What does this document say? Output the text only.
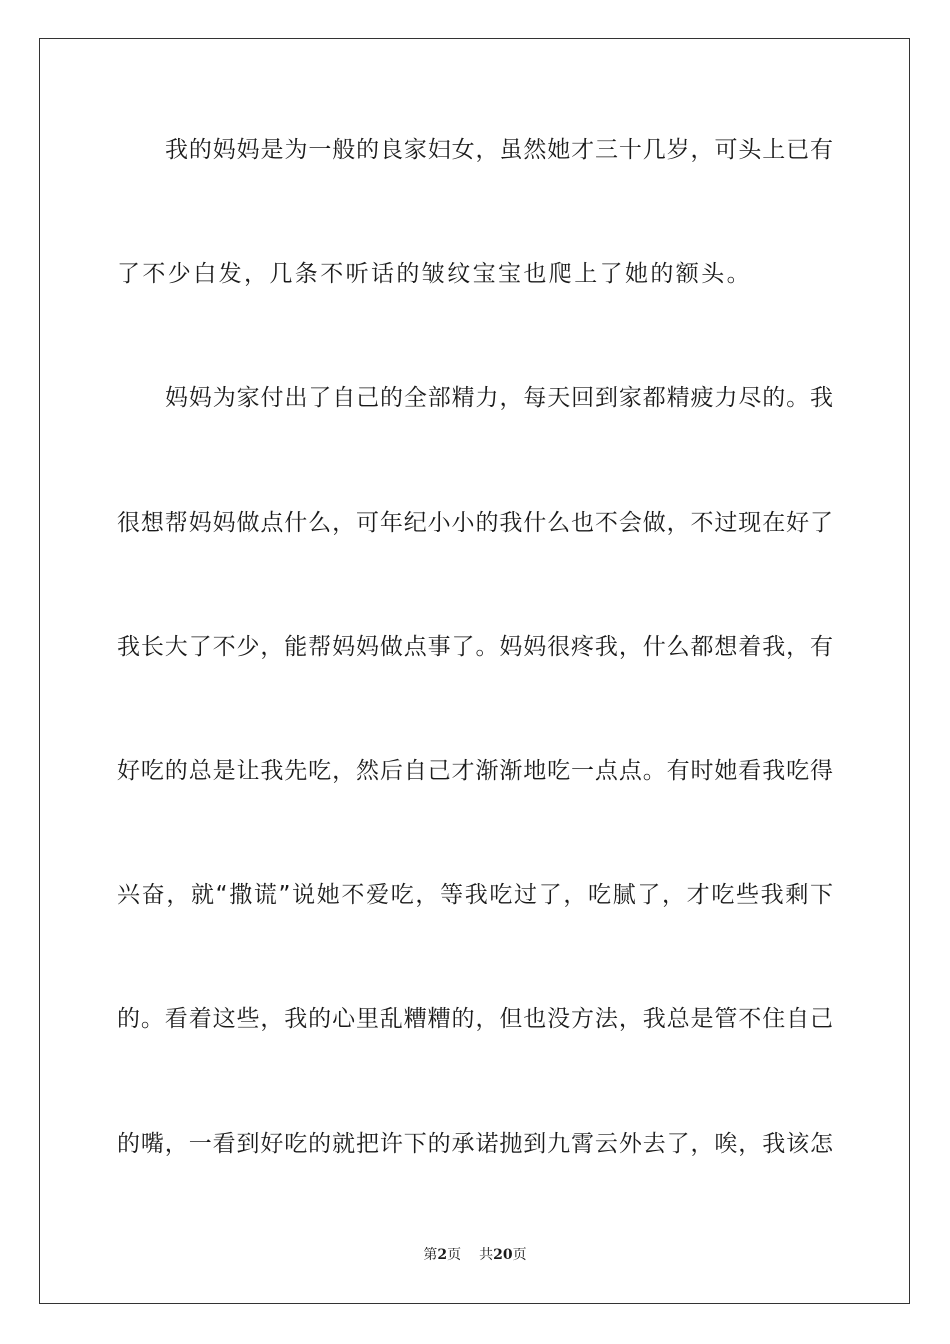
我的妈妈是为一般的良家妇女，虽然她才三十几岁，可头上已有
了不少白发，几条不听话的皱纹宝宝也爬上了她的额头。
妈妈为家付出了自己的全部精力，每天回到家都精疲力尽的。我
很想帮妈妈做点什么，可年纪小小的我什么也不会做，不过现在好了
我长大了不少，能帮妈妈做点事了。妈妈很疼我，什么都想着我，有
好吃的总是让我先吃，然后自己才渐渐地吃一点点。有时她看我吃得
兴奋，就“撒谎”说她不爱吃，等我吃过了，吃腻了，才吃些我剩下
的。看着这些，我的心里乱糟糟的，但也没方法，我总是管不住自己
的嘴，一看到好吃的就把许下的承诺抛到九霄云外去了，唉，我该怎
第2页 共20页
